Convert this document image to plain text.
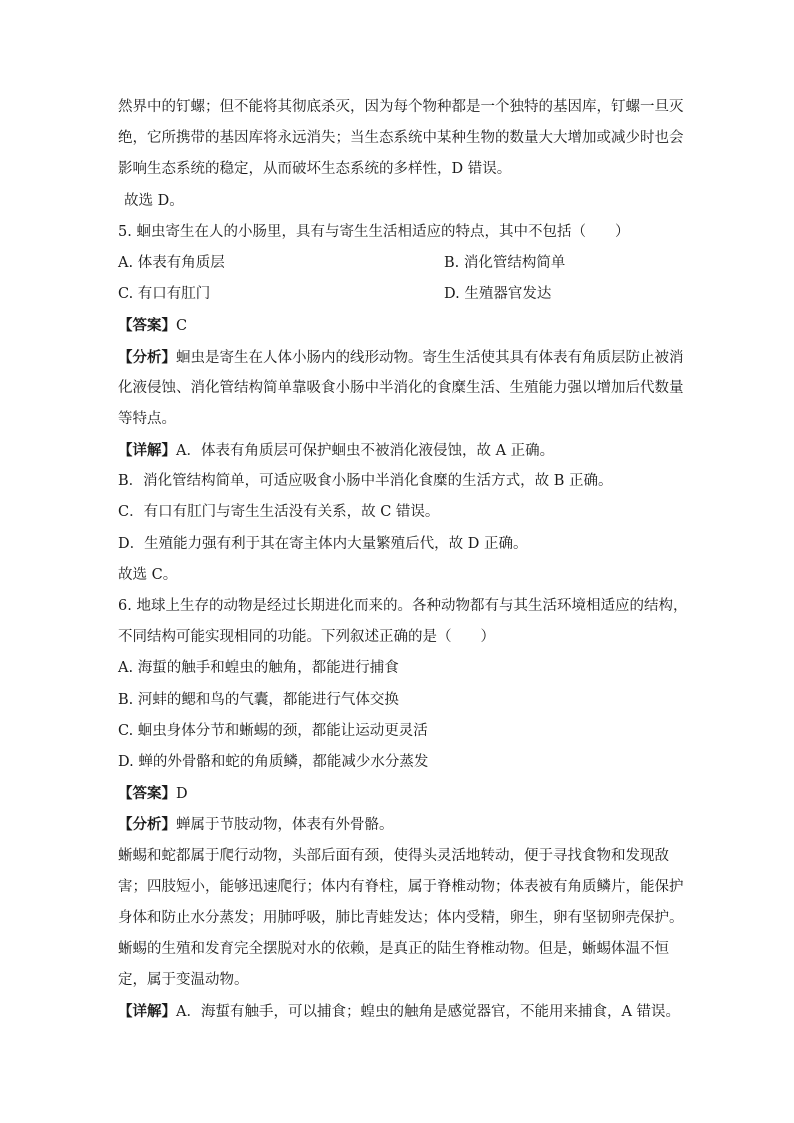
然界中的钉螺；但不能将其彻底杀灭，因为每个物种都是一个独特的基因库，钉螺一旦灭
绝，它所携带的基因库将永远消失；当生态系统中某种生物的数量大大增加或减少时也会
影响生态系统的稳定，从而破坏生态系统的多样性，D 错误。
故选 D。
5. 蛔虫寄生在人的小肠里，具有与寄生生活相适应的特点，其中不包括（　　）
A. 体表有角质层	B. 消化管结构简单
C. 有口有肛门	D. 生殖器官发达
【答案】C
【分析】蛔虫是寄生在人体小肠内的线形动物。寄生生活使其具有体表有角质层防止被消
化液侵蚀、消化管结构简单靠吸食小肠中半消化的食糜生活、生殖能力强以增加后代数量
等特点。
【详解】A．体表有角质层可保护蛔虫不被消化液侵蚀，故 A 正确。
B．消化管结构简单，可适应吸食小肠中半消化食糜的生活方式，故 B 正确。
C．有口有肛门与寄生生活没有关系，故 C 错误。
D．生殖能力强有利于其在寄主体内大量繁殖后代，故 D 正确。
故选 C。
6. 地球上生存的动物是经过长期进化而来的。各种动物都有与其生活环境相适应的结构，
不同结构可能实现相同的功能。下列叙述正确的是（　　）
A. 海蜇的触手和蝗虫的触角，都能进行捕食
B. 河蚌的鳃和鸟的气囊，都能进行气体交换
C. 蛔虫身体分节和蜥蜴的颈，都能让运动更灵活
D. 蝉的外骨骼和蛇的角质鳞，都能减少水分蒸发
【答案】D
【分析】蝉属于节肢动物，体表有外骨骼。
蜥蜴和蛇都属于爬行动物，头部后面有颈，使得头灵活地转动，便于寻找食物和发现敌
害；四肢短小，能够迅速爬行；体内有脊柱，属于脊椎动物；体表被有角质鳞片，能保护
身体和防止水分蒸发；用肺呼吸，肺比青蛙发达；体内受精，卵生，卵有坚韧卵壳保护。
蜥蜴的生殖和发育完全摆脱对水的依赖，是真正的陆生脊椎动物。但是，蜥蜴体温不恒
定，属于变温动物。
【详解】A．海蜇有触手，可以捕食；蝗虫的触角是感觉器官，不能用来捕食，A 错误。
